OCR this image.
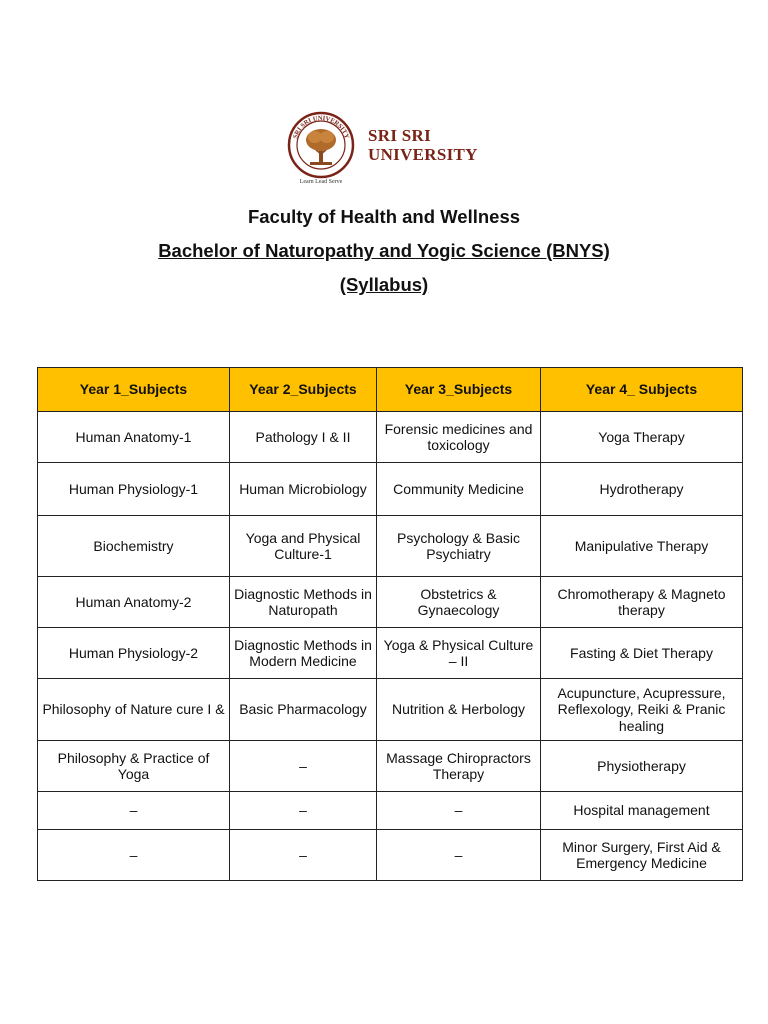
SRI SRI UNIVERSITY
Learn Lead Serve
SRI SRI
UNIVERSITY
Faculty of Health and Wellness
Bachelor of Naturopathy and Yogic Science (BNYS)
(Syllabus)
Year 1_Subjects	Year 2_Subjects	Year 3_Subjects	Year 4_ Subjects
Human Anatomy-1	Pathology I & II	Forensic medicines and toxicology	Yoga Therapy
Human Physiology-1	Human Microbiology	Community Medicine	Hydrotherapy
Biochemistry	Yoga and Physical Culture-1	Psychology & Basic Psychiatry	Manipulative Therapy
Human Anatomy-2	Diagnostic Methods in Naturopath	Obstetrics & Gynaecology	Chromotherapy & Magneto therapy
Human Physiology-2	Diagnostic Methods in Modern Medicine	Yoga & Physical Culture – II	Fasting & Diet Therapy
Philosophy of Nature cure I &	Basic Pharmacology	Nutrition & Herbology	Acupuncture, Acupressure, Reflexology, Reiki & Pranic healing
Philosophy & Practice of Yoga	–	Massage Chiropractors Therapy	Physiotherapy
–	–	–	Hospital management
–	–	–	Minor Surgery, First Aid & Emergency Medicine
